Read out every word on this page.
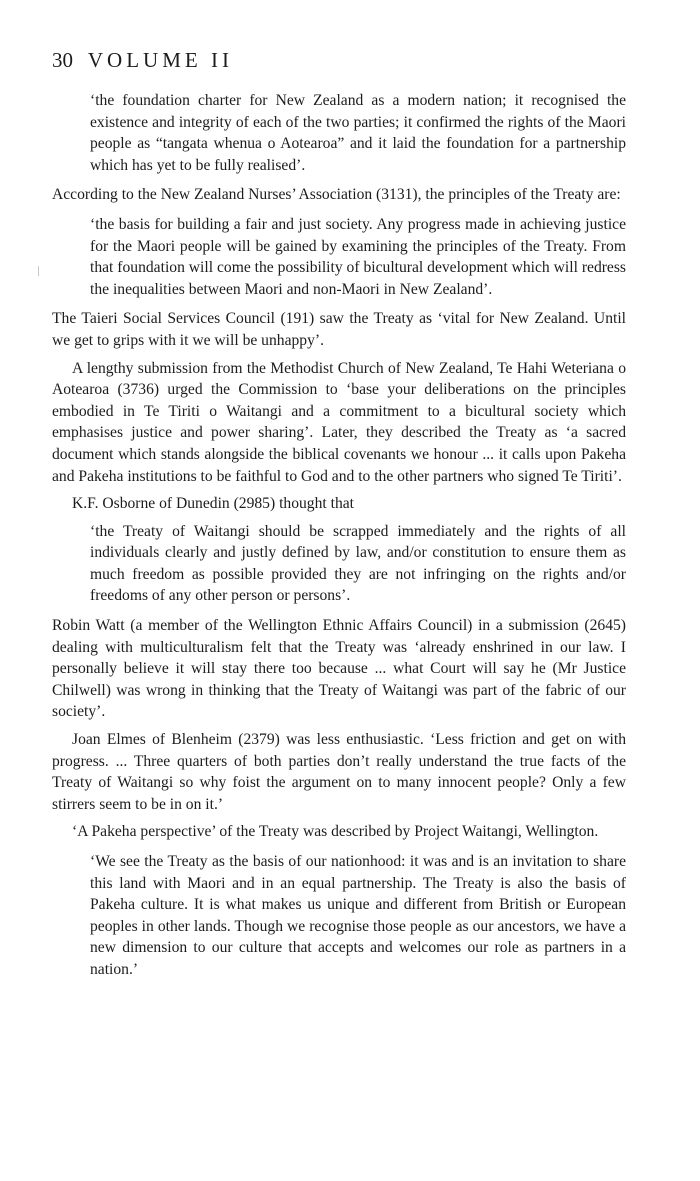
30 VOLUME II

‘the foundation charter for New Zealand as a modern nation; it recognised the existence and integrity of each of the two parties; it confirmed the rights of the Maori people as “tangata whenua o Aotearoa” and it laid the foundation for a partnership which has yet to be fully realised’.

According to the New Zealand Nurses’ Association (3131), the principles of the Treaty are:

‘the basis for building a fair and just society. Any progress made in achieving justice for the Maori people will be gained by examining the principles of the Treaty. From that foundation will come the possibility of bicultural development which will redress the inequalities between Maori and non-Maori in New Zealand’.

The Taieri Social Services Council (191) saw the Treaty as ‘vital for New Zealand. Until we get to grips with it we will be unhappy’.

A lengthy submission from the Methodist Church of New Zealand, Te Hahi Weteriana o Aotearoa (3736) urged the Commission to ‘base your deliberations on the principles embodied in Te Tiriti o Waitangi and a commitment to a bicultural society which emphasises justice and power sharing’. Later, they described the Treaty as ‘a sacred document which stands alongside the biblical covenants we honour ... it calls upon Pakeha and Pakeha institutions to be faithful to God and to the other partners who signed Te Tiriti’.

K.F. Osborne of Dunedin (2985) thought that

‘the Treaty of Waitangi should be scrapped immediately and the rights of all individuals clearly and justly defined by law, and/or constitution to ensure them as much freedom as possible provided they are not infringing on the rights and/or freedoms of any other person or persons’.

Robin Watt (a member of the Wellington Ethnic Affairs Council) in a submission (2645) dealing with multiculturalism felt that the Treaty was ‘already enshrined in our law. I personally believe it will stay there too because ... what Court will say he (Mr Justice Chilwell) was wrong in thinking that the Treaty of Waitangi was part of the fabric of our society’.

Joan Elmes of Blenheim (2379) was less enthusiastic. ‘Less friction and get on with progress. ... Three quarters of both parties don’t really understand the true facts of the Treaty of Waitangi so why foist the argument on to many innocent people? Only a few stirrers seem to be in on it.’

‘A Pakeha perspective’ of the Treaty was described by Project Waitangi, Wellington.

‘We see the Treaty as the basis of our nationhood: it was and is an invitation to share this land with Maori and in an equal partnership. The Treaty is also the basis of Pakeha culture. It is what makes us unique and different from British or European peoples in other lands. Though we recognise those people as our ancestors, we have a new dimension to our culture that accepts and welcomes our role as partners in a nation.’
